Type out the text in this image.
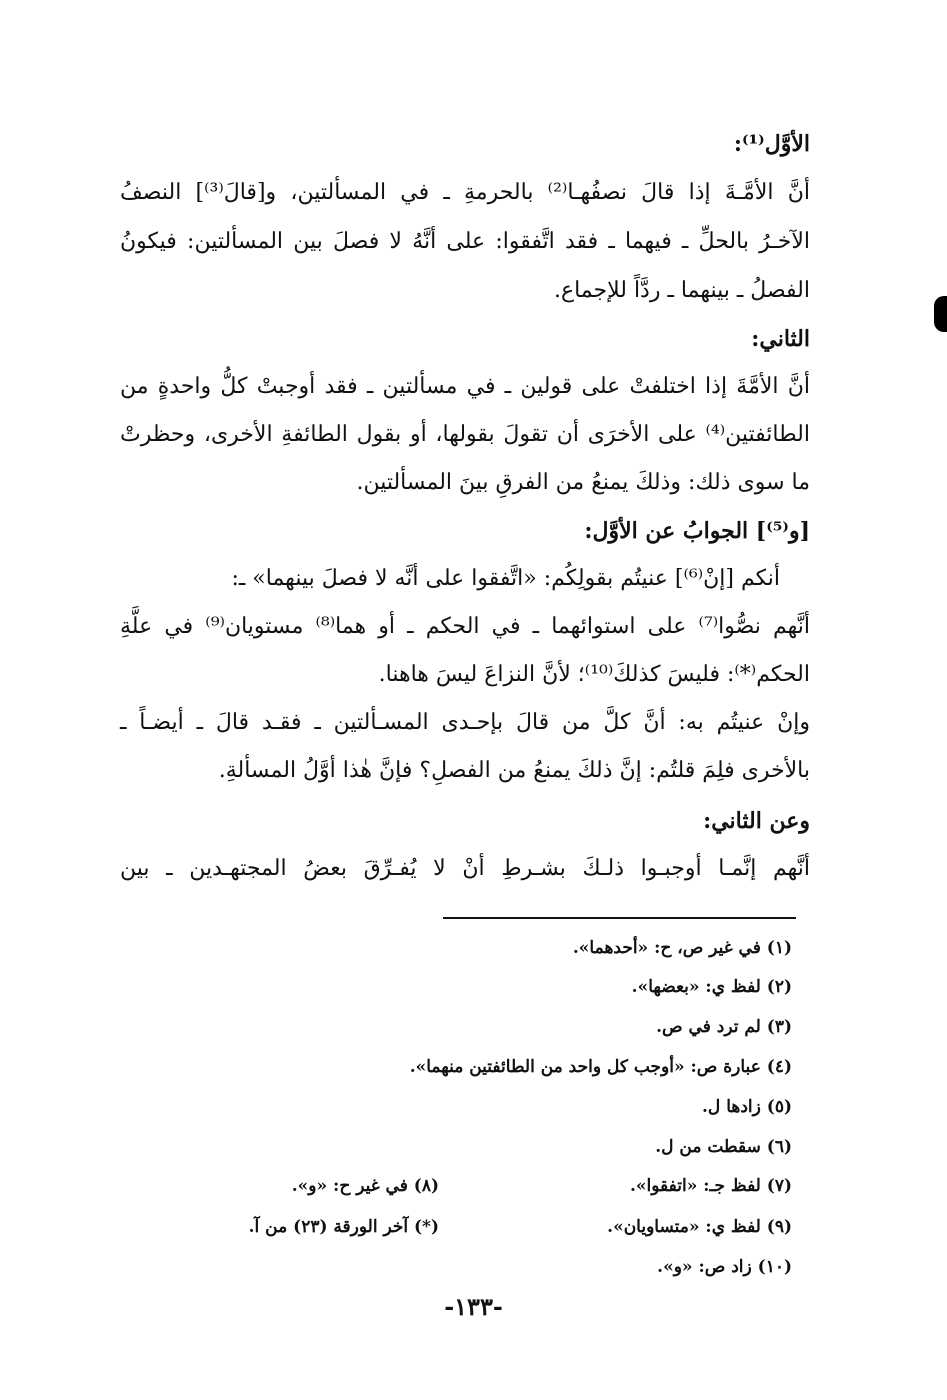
الأوَّل⁽¹⁾:
أنَّ الأمَّـةَ إذا قالَ نصفُهـا⁽²⁾ بالحرمةِ ـ في المسألتين، و[قالَ⁽³⁾] النصفُ
الآخـرُ بالحلِّ ـ فيهما ـ فقد اتَّفقوا: على أنَّهُ لا فصلَ بين المسألتين: فيكونُ
الفصلُ ـ بينهما ـ ردَّاً للإجماع.
الثاني:
أنَّ الأمَّةَ إذا اختلفتْ على قولين ـ في مسألتين ـ فقد أوجبتْ كلُّ واحدةٍ من
الطائفتين⁽⁴⁾ على الأخرَى أن تقولَ بقولها، أو بقول الطائفةِ الأخرى، وحظرتْ
ما سوى ذلك: وذلكَ يمنعُ من الفرقِ بينَ المسألتين.
[و⁽⁵⁾] الجوابُ عن الأوَّل:
أنكم [إنْ⁽⁶⁾] عنيتُم بقولِكُم: «اتَّفقوا على أنَّه لا فصلَ بينهما» ـ:
أنَّهم نصُّوا⁽⁷⁾ على استوائهما ـ في الحكم ـ أو هما⁽⁸⁾ مستويان⁽⁹⁾ في علَّةِ
الحكم⁽*⁾: فليسَ كذلكَ⁽¹⁰⁾؛ لأنَّ النزاعَ ليسَ هاهنا.
وإنْ عنيتُم به: أنَّ كلَّ من قالَ بإحـدى المسـألتين ـ فقـد قالَ ـ أيضـاً ـ
بالأخرى فلِمَ قلتُم: إنَّ ذلكَ يمنعُ من الفصلِ؟ فإنَّ هٰذا أوَّلُ المسألةِ.
وعن الثاني:
أنَّهم إنَّمـا أوجبـوا ذلـكَ بشـرطِ أنْ لا يُفـرِّقَ بعضُ المجتهـدين ـ بين
(١) في غير ص، ح: «أحدهما».
(٢) لفظ ي: «بعضها».
(٣) لم ترد في ص.
(٤) عبارة ص: «أوجب كل واحد من الطائفتين منهما».
(٥) زادها ل.
(٦) سقطت من ل.
(٧) لفظ جـ: «اتفقوا».
(٨) في غير ح: «و».
(٩) لفظ ي: «متساويان».
(*) آخر الورقة (٢٣) من آ.
(١٠) زاد ص: «و».
-١٣٣-
